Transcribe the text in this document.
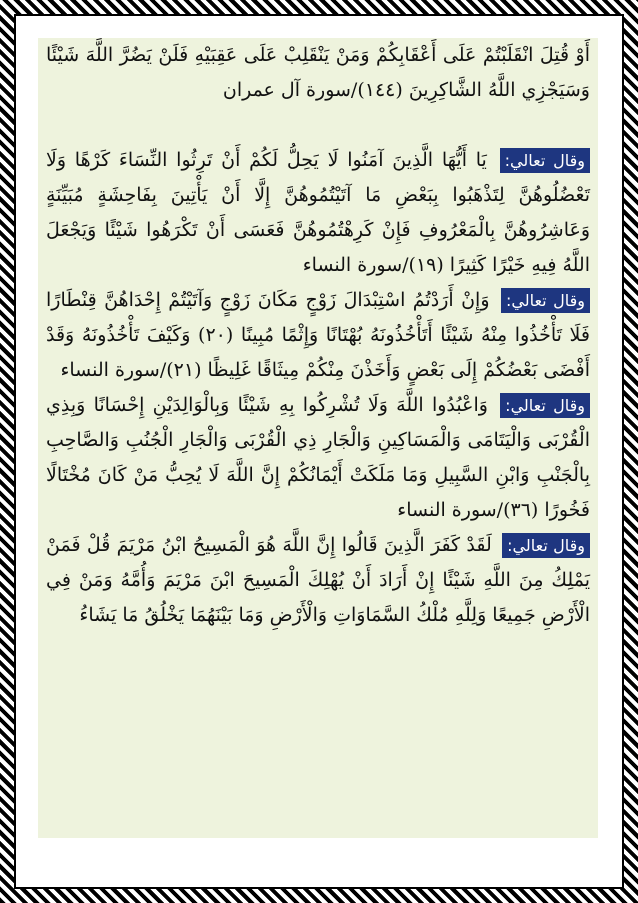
أَوْ قُتِلَ انْقَلَبْتُمْ عَلَى أَعْقَابِكُمْ وَمَنْ يَنْقَلِبْ عَلَى عَقِبَيْهِ فَلَنْ يَضُرَّ اللَّهَ شَيْئًا وَسَيَجْزِي اللَّهُ الشَّاكِرِينَ (١٤٤)/سورة آل عمران

وقال تعالي: يَا أَيُّهَا الَّذِينَ آمَنُوا لَا يَحِلُّ لَكُمْ أَنْ تَرِثُوا النِّسَاءَ كَرْهًا وَلَا تَعْضُلُوهُنَّ لِتَذْهَبُوا بِبَعْضِ مَا آتَيْتُمُوهُنَّ إِلَّا أَنْ يَأْتِينَ بِفَاحِشَةٍ مُبَيِّنَةٍ وَعَاشِرُوهُنَّ بِالْمَعْرُوفِ فَإِنْ كَرِهْتُمُوهُنَّ فَعَسَى أَنْ تَكْرَهُوا شَيْئًا وَيَجْعَلَ اللَّهُ فِيهِ خَيْرًا كَثِيرًا (١٩)/سورة النساء

وقال تعالي: وَإِنْ أَرَدْتُمُ اسْتِبْدَالَ زَوْجٍ مَكَانَ زَوْجٍ وَآتَيْتُمْ إِحْدَاهُنَّ قِنْطَارًا فَلَا تَأْخُذُوا مِنْهُ شَيْئًا أَتَأْخُذُونَهُ بُهْتَانًا وَإِثْمًا مُبِينًا (٢٠) وَكَيْفَ تَأْخُذُونَهُ وَقَدْ أَفْضَى بَعْضُكُمْ إِلَى بَعْضٍ وَأَخَذْنَ مِنْكُمْ مِيثَاقًا غَلِيظًا (٢١)/سورة النساء

وقال تعالي: وَاعْبُدُوا اللَّهَ وَلَا تُشْرِكُوا بِهِ شَيْئًا وَبِالْوَالِدَيْنِ إِحْسَانًا وَبِذِي الْقُرْبَى وَالْيَتَامَى وَالْمَسَاكِينِ وَالْجَارِ ذِي الْقُرْبَى وَالْجَارِ الْجُنُبِ وَالصَّاحِبِ بِالْجَنْبِ وَابْنِ السَّبِيلِ وَمَا مَلَكَتْ أَيْمَانُكُمْ إِنَّ اللَّهَ لَا يُحِبُّ مَنْ كَانَ مُخْتَالًا فَخُورًا (٣٦)/سورة النساء

وقال تعالي: لَقَدْ كَفَرَ الَّذِينَ قَالُوا إِنَّ اللَّهَ هُوَ الْمَسِيحُ ابْنُ مَرْيَمَ قُلْ فَمَنْ يَمْلِكُ مِنَ اللَّهِ شَيْئًا إِنْ أَرَادَ أَنْ يُهْلِكَ الْمَسِيحَ ابْنَ مَرْيَمَ وَأُمَّهُ وَمَنْ فِي الْأَرْضِ جَمِيعًا وَلِلَّهِ مُلْكُ السَّمَاوَاتِ وَالْأَرْضِ وَمَا بَيْنَهُمَا يَخْلُقُ مَا يَشَاءُ
